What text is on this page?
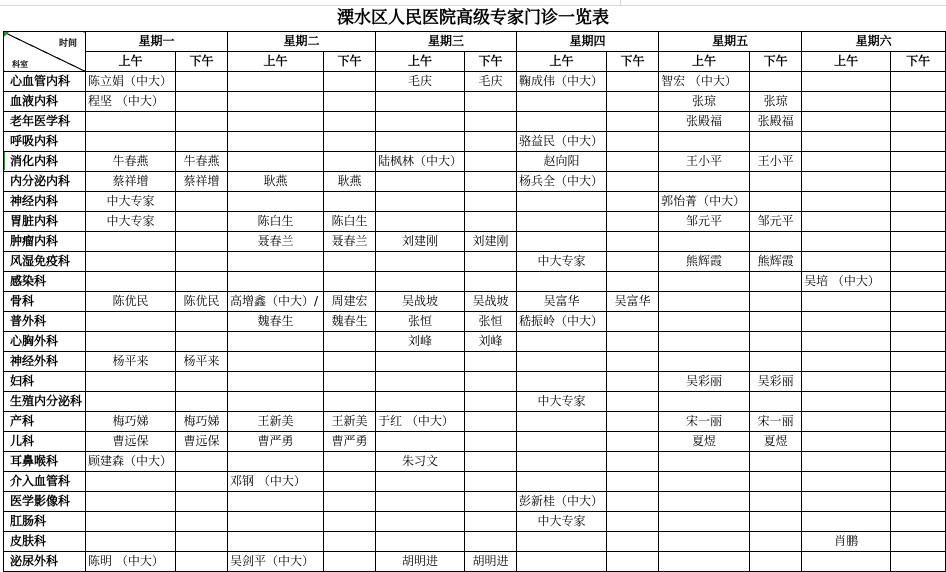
溧水区人民医院高级专家门诊一览表
科室
时间	星期一		星期二		星期三		星期四		星期五		星期六	
	上午	下午	上午	下午	上午	下午	上午	下午	上午	下午	上午	下午
心血管内科	陈立娟（中大）				毛庆	毛庆	鞠成伟（中大）		智宏 （中大）			
血液内科	程坚 （中大）								张琼	张琼		
老年医学科									张殿福	张殿福		
呼吸内科							骆益民（中大）					
消化内科	牛春燕	牛春燕			陆枫林（中大）		赵向阳		王小平	王小平		
内分泌内科	蔡祥增	蔡祥增	耿燕	耿燕			杨兵全（中大）					
神经内科	中大专家								郭怡菁（中大）			
胃脏内科	中大专家		陈白生	陈白生					邹元平	邹元平		
肿瘤内科			聂春兰	聂春兰	刘建刚	刘建刚						
风湿免疫科							中大专家		熊辉霞	熊辉霞		
感染科											吴培 （中大）	
骨科	陈优民	陈优民	高增鑫（中大）/	周建宏	吴战坡	吴战坡	吴富华	吴富华				
普外科			魏春生	魏春生	张恒	张恒	嵇振岭（中大）					
心胸外科					刘峰	刘峰						
神经外科	杨平来	杨平来										
妇科									吴彩丽	吴彩丽		
生殖内分泌科							中大专家					
产科	梅巧娣	梅巧娣	王新美	王新美	于红 （中大）				宋一丽	宋一丽		
儿科	曹远保	曹远保	曹严勇	曹严勇					夏煜	夏煜		
耳鼻喉科	顾建森（中大）				朱习文							
介入血管科			邓钢 （中大）									
医学影像科							彭新桂（中大）					
肛肠科							中大专家					
皮肤科											肖鹏	
泌尿外科	陈明 （中大）		吴剑平（中大）		胡明进	胡明进						
